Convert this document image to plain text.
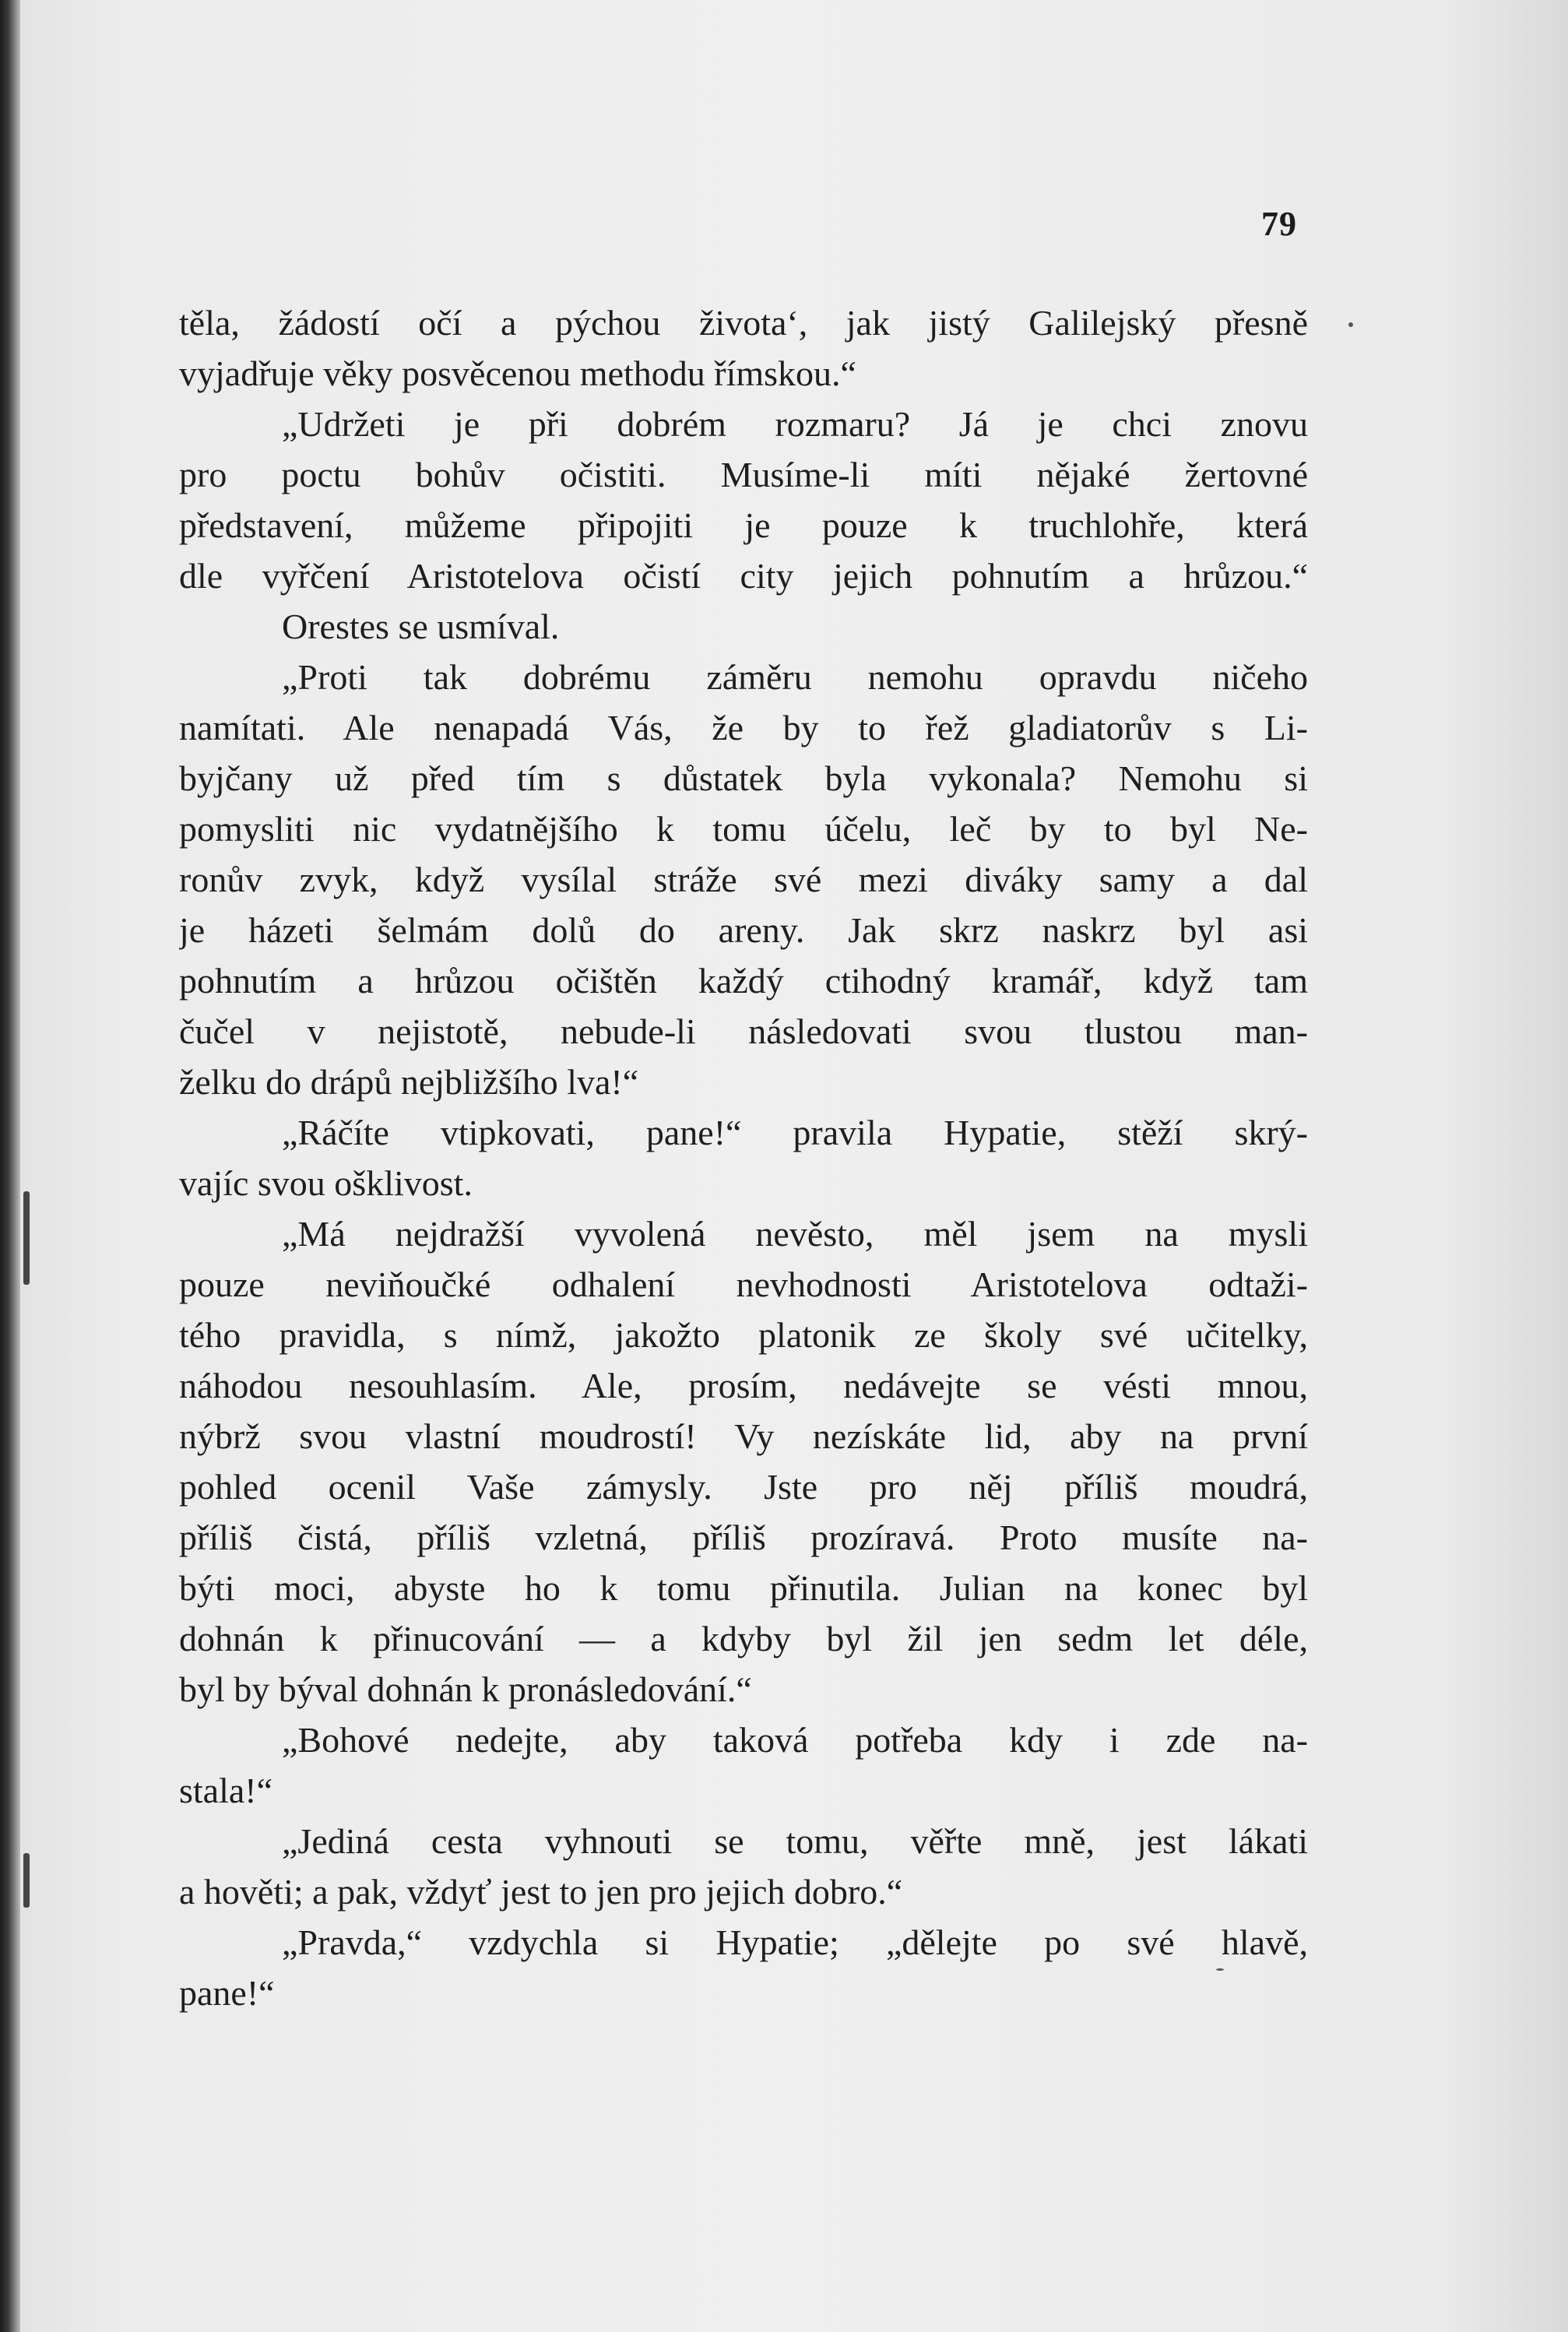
79
těla, žádostí očí a pýchou života‘, jak jistý Galilejský přesně
vyjadřuje věky posvěcenou methodu římskou.“
„Udržeti je při dobrém rozmaru? Já je chci znovu
pro poctu bohův očistiti. Musíme-li míti nějaké žertovné
představení, můžeme připojiti je pouze k truchlohře, která
dle vyřčení Aristotelova očistí city jejich pohnutím a hrůzou.“
Orestes se usmíval.
„Proti tak dobrému záměru nemohu opravdu ničeho
namítati. Ale nenapadá Vás, že by to řež gladiatorův s Li-
byjčany už před tím s důstatek byla vykonala? Nemohu si
pomysliti nic vydatnějšího k tomu účelu, leč by to byl Ne-
ronův zvyk, když vysílal stráže své mezi diváky samy a dal
je házeti šelmám dolů do areny. Jak skrz naskrz byl asi
pohnutím a hrůzou očištěn každý ctihodný kramář, když tam
čučel v nejistotě, nebude-li následovati svou tlustou man-
želku do drápů nejbližšího lva!“
„Ráčíte vtipkovati, pane!“ pravila Hypatie, stěží skrý-
vajíc svou ošklivost.
„Má nejdražší vyvolená nevěsto, měl jsem na mysli
pouze neviňoučké odhalení nevhodnosti Aristotelova odtaži-
tého pravidla, s nímž, jakožto platonik ze školy své učitelky,
náhodou nesouhlasím. Ale, prosím, nedávejte se vésti mnou,
nýbrž svou vlastní moudrostí! Vy nezískáte lid, aby na první
pohled ocenil Vaše zámysly. Jste pro něj příliš moudrá,
příliš čistá, příliš vzletná, příliš prozíravá. Proto musíte na-
býti moci, abyste ho k tomu přinutila. Julian na konec byl
dohnán k přinucování — a kdyby byl žil jen sedm let déle,
byl by býval dohnán k pronásledování.“
„Bohové nedejte, aby taková potřeba kdy i zde na-
stala!“
„Jediná cesta vyhnouti se tomu, věřte mně, jest lákati
a hověti; a pak, vždyť jest to jen pro jejich dobro.“
„Pravda,“ vzdychla si Hypatie; „dělejte po své hlavě,
pane!“
